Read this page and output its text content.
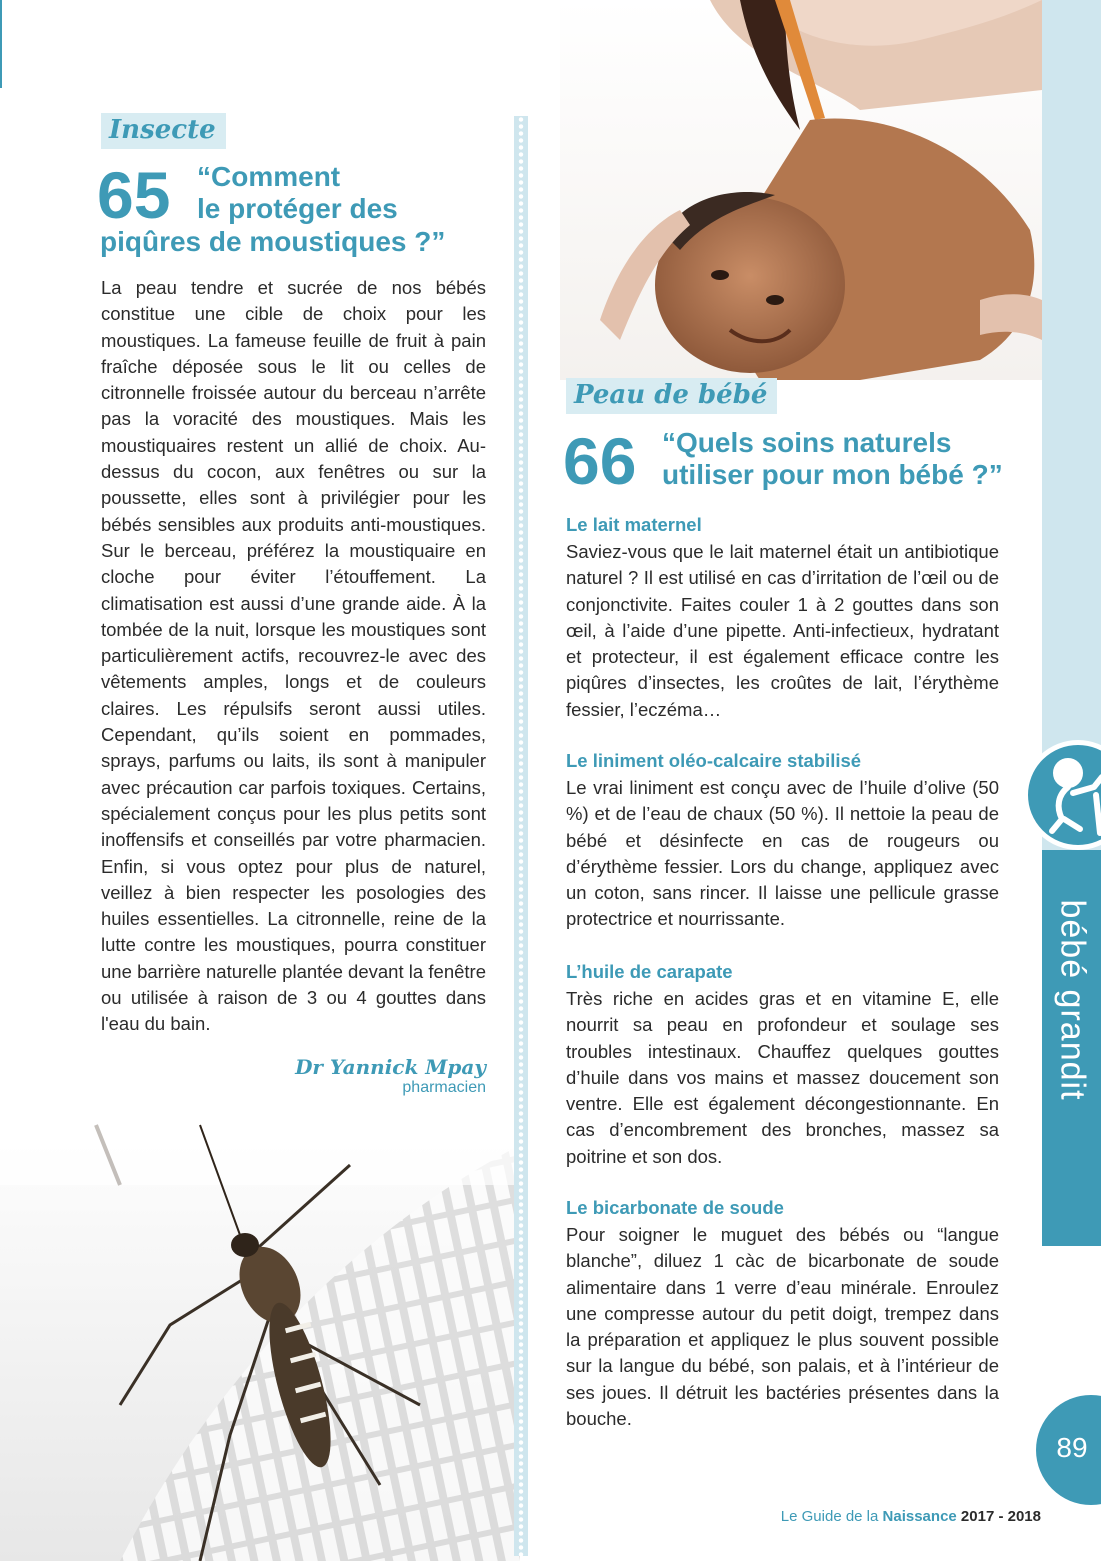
bébé grandit
89
Insecte
65 “Comment
le protéger des
piqûres de moustiques ?”
La peau tendre et sucrée de nos bébés constitue une cible de choix pour les moustiques. La fameuse feuille de fruit à pain fraîche déposée sous le lit ou celles de citronnelle froissée autour du berceau n’arrête pas la voracité des moustiques. Mais les moustiquaires restent un allié de choix. Au-dessus du cocon, aux fenêtres ou sur la poussette, elles sont à privilégier pour les bébés sensibles aux produits anti-moustiques. Sur le berceau, préférez la moustiquaire en cloche pour éviter l’étouffement. La climatisation est aussi d’une grande aide. À la tombée de la nuit, lorsque les moustiques sont particulièrement actifs, recouvrez-le avec des vêtements amples, longs et de couleurs claires. Les répulsifs seront aussi utiles. Cependant, qu’ils soient en pommades, sprays, parfums ou laits, ils sont à manipuler avec précaution car parfois toxiques. Certains, spécialement conçus pour les plus petits sont inoffensifs et conseillés par votre pharmacien. Enfin, si vous optez pour plus de naturel, veillez à bien respecter les posologies des huiles essentielles. La citronnelle, reine de la lutte contre les moustiques, pourra constituer une barrière naturelle plantée devant la fenêtre ou utilisée à raison de 3 ou 4 gouttes dans l'eau du bain.
Dr Yannick Mpay
pharmacien
Peau de bébé
66 “Quels soins naturels
utiliser pour mon bébé ?”
Le lait maternel
Saviez-vous que le lait maternel était un antibiotique naturel ? Il est utilisé en cas d’irritation de l’œil ou de conjonctivite. Faites couler 1 à 2 gouttes dans son œil, à l’aide d’une pipette. Anti-infectieux, hydratant et protecteur, il est également efficace contre les piqûres d’insectes, les croûtes de lait, l’érythème fessier, l’eczéma…
Le liniment oléo-calcaire stabilisé
Le vrai liniment est conçu avec de l’huile d’olive (50 %) et de l’eau de chaux (50 %). Il nettoie la peau de bébé et désinfecte en cas de rougeurs ou d’érythème fessier. Lors du change, appliquez avec un coton, sans rincer. Il laisse une pellicule grasse protectrice et nourrissante.
L’huile de carapate
Très riche en acides gras et en vitamine E, elle nourrit sa peau en profondeur et soulage ses troubles intestinaux. Chauffez quelques gouttes d’huile dans vos mains et massez doucement son ventre. Elle est également décongestionnante. En cas d’encombrement des bronches, massez sa poitrine et son dos.
Le bicarbonate de soude
Pour soigner le muguet des bébés ou “langue blanche”, diluez 1 càc de bicarbonate de soude alimentaire dans 1 verre d’eau minérale. Enroulez une compresse autour du petit doigt, trempez dans la préparation et appliquez le plus souvent possible sur la langue du bébé, son palais, et à l’intérieur de ses joues. Il détruit les bactéries présentes dans la bouche.
Le Guide de la Naissance 2017 - 2018
